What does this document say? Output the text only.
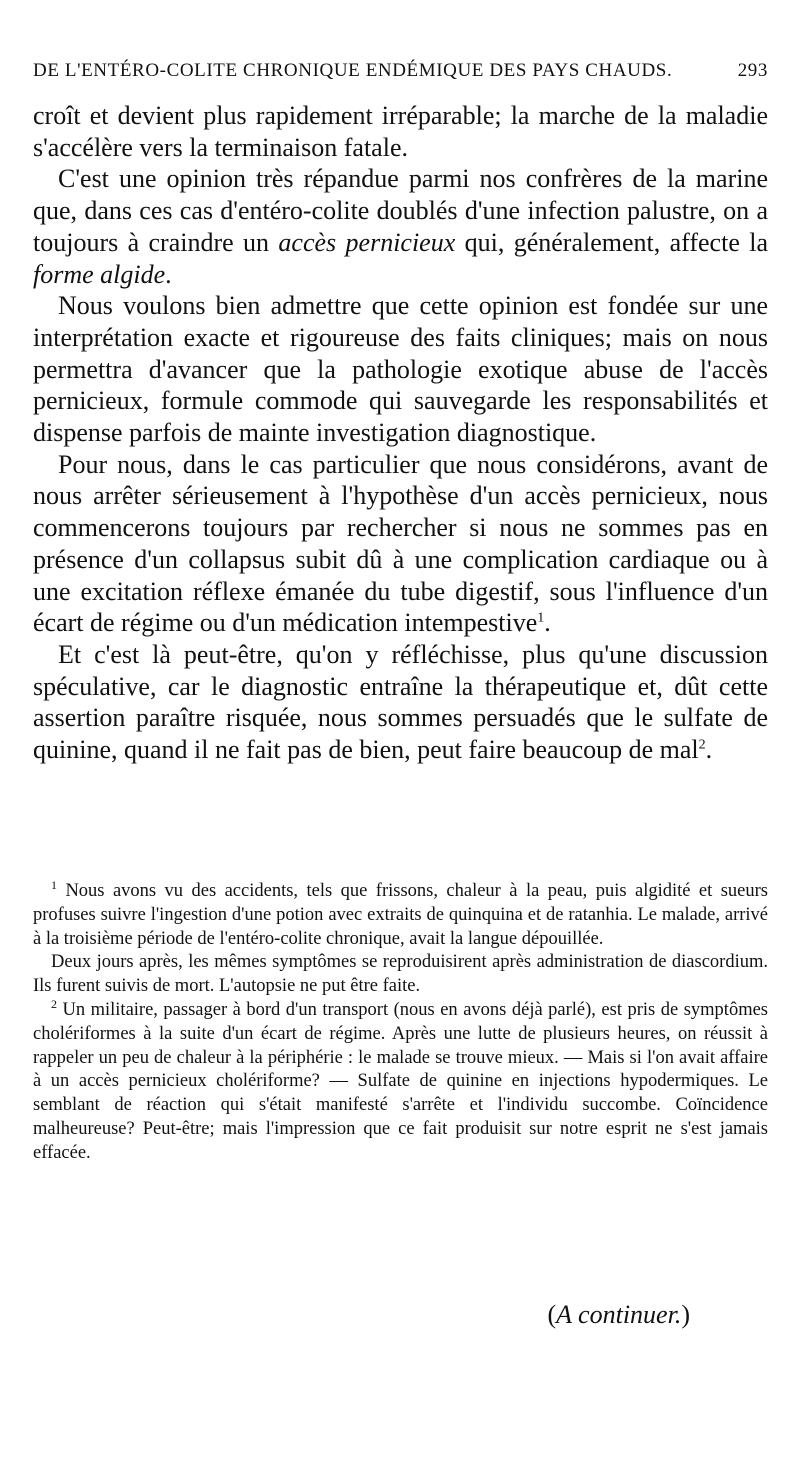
DE L'ENTÉRO-COLITE CHRONIQUE ENDÉMIQUE DES PAYS CHAUDS.	293

croît et devient plus rapidement irréparable; la marche de la maladie s'accélère vers la terminaison fatale.

C'est une opinion très répandue parmi nos confrères de la marine que, dans ces cas d'entéro-colite doublés d'une infection palustre, on a toujours à craindre un accès pernicieux qui, généralement, affecte la forme algide.

Nous voulons bien admettre que cette opinion est fondée sur une interprétation exacte et rigoureuse des faits cliniques; mais on nous permettra d'avancer que la pathologie exotique abuse de l'accès pernicieux, formule commode qui sauvegarde les responsabilités et dispense parfois de mainte investigation diagnostique.

Pour nous, dans le cas particulier que nous considérons, avant de nous arrêter sérieusement à l'hypothèse d'un accès pernicieux, nous commencerons toujours par rechercher si nous ne sommes pas en présence d'un collapsus subit dû à une complication cardiaque ou à une excitation réflexe émanée du tube digestif, sous l'influence d'un écart de régime ou d'un médication intempestive$^1$.

Et c'est là peut-être, qu'on y réfléchisse, plus qu'une discussion spéculative, car le diagnostic entraîne la thérapeutique et, dût cette assertion paraître risquée, nous sommes persuadés que le sulfate de quinine, quand il ne fait pas de bien, peut faire beaucoup de mal$^2$.

$^1$ Nous avons vu des accidents, tels que frissons, chaleur à la peau, puis algidité et sueurs profuses suivre l'ingestion d'une potion avec extraits de quinquina et de ratanhia. Le malade, arrivé à la troisième période de l'entéro-colite chronique, avait la langue dépouillée.

Deux jours après, les mêmes symptômes se reproduisirent après administration de diascordium. Ils furent suivis de mort. L'autopsie ne put être faite.

$^2$ Un militaire, passager à bord d'un transport (nous en avons déjà parlé), est pris de symptômes cholériformes à la suite d'un écart de régime. Après une lutte de plusieurs heures, on réussit à rappeler un peu de chaleur à la périphérie : le malade se trouve mieux. — Mais si l'on avait affaire à un accès pernicieux cholériforme? — Sulfate de quinine en injections hypodermiques. Le semblant de réaction qui s'était manifesté s'arrête et l'individu succombe. Coïncidence malheureuse? Peut-être; mais l'impression que ce fait produisit sur notre esprit ne s'est jamais effacée.

(A continuer.)
